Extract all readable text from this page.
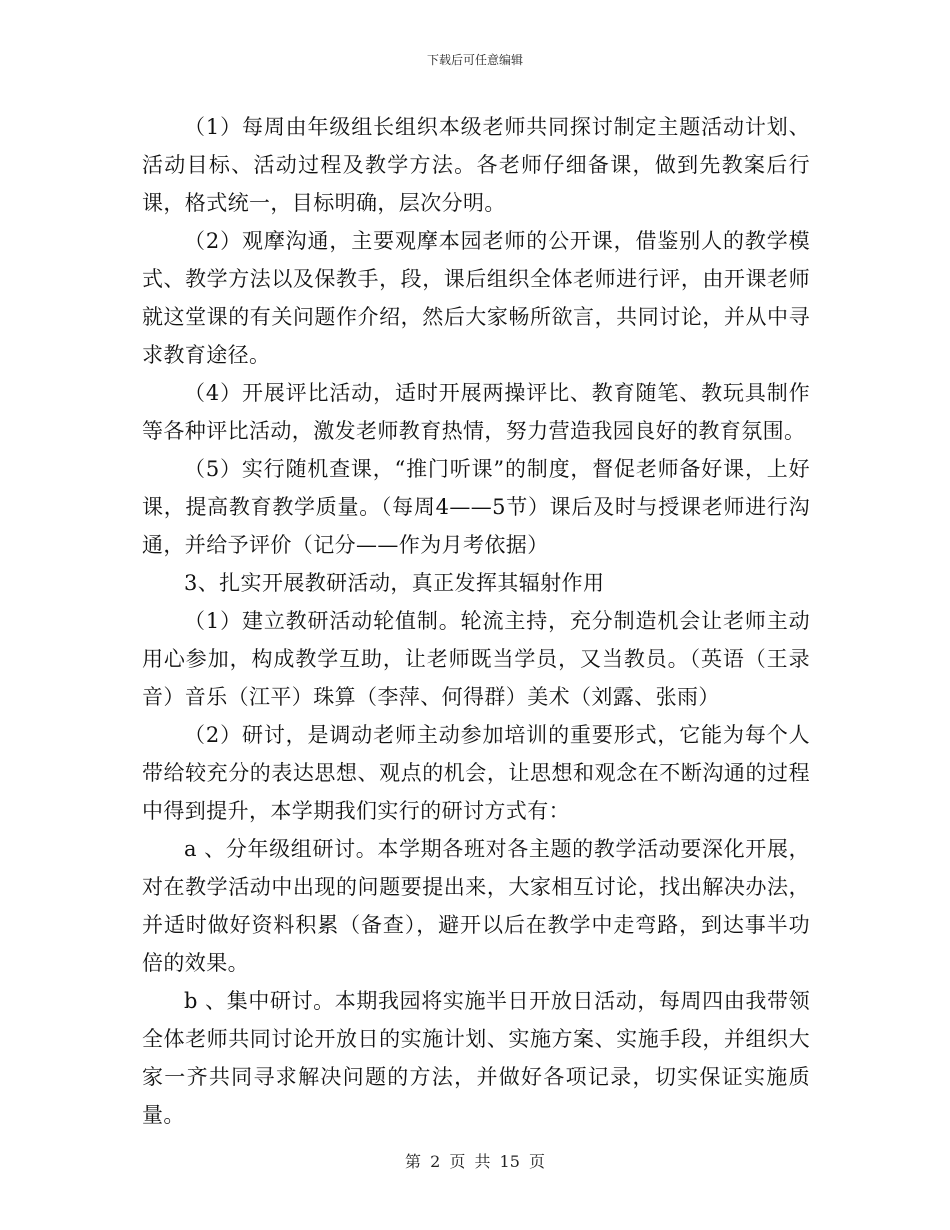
下载后可任意编辑

（1）每周由年级组长组织本级老师共同探讨制定主题活动计划、活动目标、活动过程及教学方法。各老师仔细备课，做到先教案后行课，格式统一，目标明确，层次分明。

（2）观摩沟通，主要观摩本园老师的公开课，借鉴别人的教学模式、教学方法以及保教手，段，课后组织全体老师进行评，由开课老师就这堂课的有关问题作介绍，然后大家畅所欲言，共同讨论，并从中寻求教育途径。

（4）开展评比活动，适时开展两操评比、教育随笔、教玩具制作等各种评比活动，激发老师教育热情，努力营造我园良好的教育氛围。

（5）实行随机查课，“推门听课”的制度，督促老师备好课，上好课，提高教育教学质量。（每周4——5节）课后及时与授课老师进行沟通，并给予评价（记分——作为月考依据）

3、扎实开展教研活动，真正发挥其辐射作用

（1）建立教研活动轮值制。轮流主持，充分制造机会让老师主动用心参加，构成教学互助，让老师既当学员，又当教员。（英语（王录音）音乐（江平）珠算（李萍、何得群）美术（刘露、张雨）

（2）研讨，是调动老师主动参加培训的重要形式，它能为每个人带给较充分的表达思想、观点的机会，让思想和观念在不断沟通的过程中得到提升，本学期我们实行的研讨方式有：

a 、分年级组研讨。本学期各班对各主题的教学活动要深化开展，对在教学活动中出现的问题要提出来，大家相互讨论，找出解决办法，并适时做好资料积累（备查），避开以后在教学中走弯路，到达事半功倍的效果。

b 、集中研讨。本期我园将实施半日开放日活动，每周四由我带领全体老师共同讨论开放日的实施计划、实施方案、实施手段，并组织大家一齐共同寻求解决问题的方法，并做好各项记录，切实保证实施质量。

第 2 页 共 15 页
